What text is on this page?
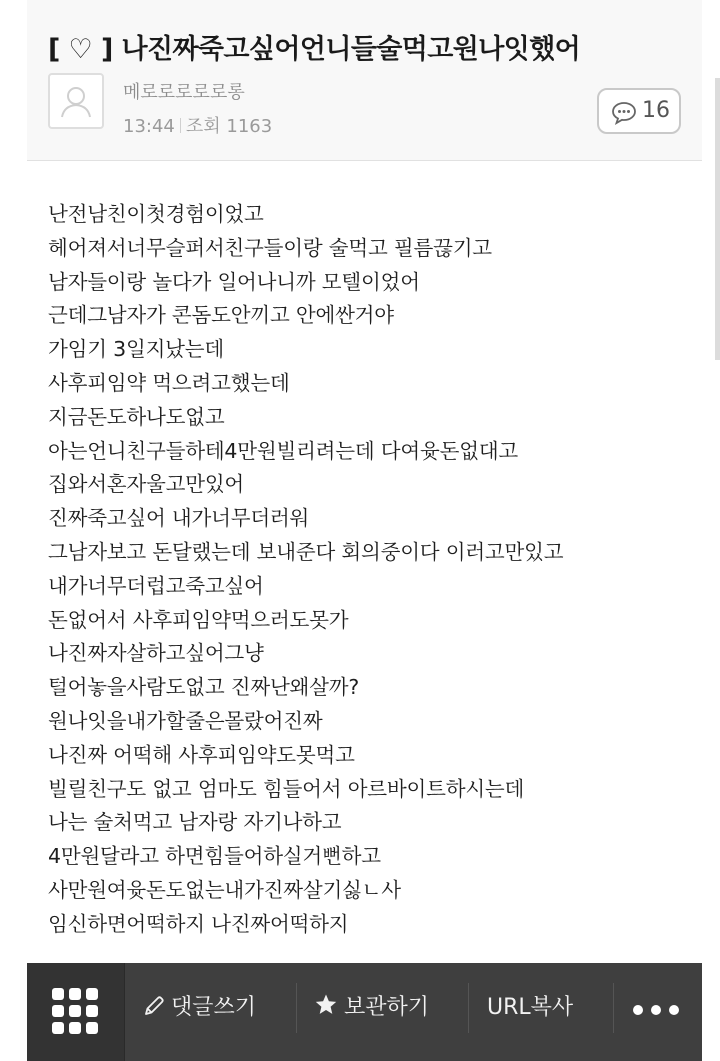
[ ♡ ] 나진짜죽고싶어언니들술먹고원나잇했어
메로로로로로롱
13:44 조회 1163
16
난전남친이첫경험이었고
헤어져서너무슬퍼서친구들이랑 술먹고 필름끊기고
남자들이랑 놀다가 일어나니까 모텔이었어
근데그남자가 콘돔도안끼고 안에싼거야
가임기 3일지났는데
사후피임약 먹으려고했는데
지금돈도하나도없고
아는언니친구들하테4만원빌리려는데 다여윳돈없대고
집와서혼자울고만있어
진짜죽고싶어 내가너무더러워
그남자보고 돈달랬는데 보내준다 회의중이다 이러고만있고
내가너무더럽고죽고싶어
돈없어서 사후피임약먹으러도못가
나진짜자살하고싶어그냥
털어놓을사람도없고 진짜난왜살까?
원나잇을내가할줄은몰랐어진짜
나진짜 어떡해 사후피임약도못먹고
빌릴친구도 없고 엄마도 힘들어서 아르바이트하시는데
나는 술처먹고 남자랑 자기나하고
4만원달라고 하면힘들어하실거뻔하고
사만원여윳돈도없는내가진짜살기싫ㄴ사
임신하면어떡하지 나진짜어떡하지
댓글쓰기	보관하기	URL복사
